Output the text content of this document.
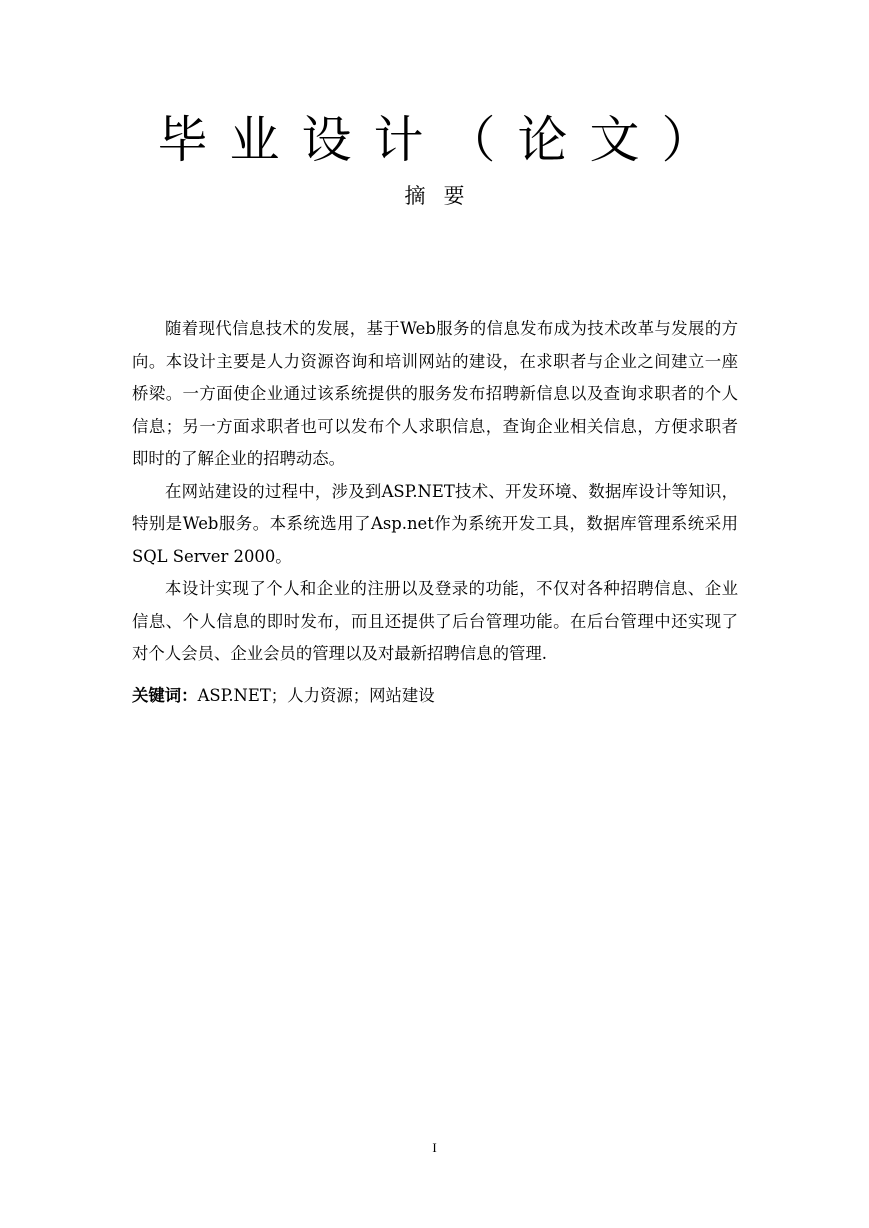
毕业设计（论文）
摘要

随着现代信息技术的发展，基于Web服务的信息发布成为技术改革与发展的方向。本设计主要是人力资源咨询和培训网站的建设，在求职者与企业之间建立一座桥梁。一方面使企业通过该系统提供的服务发布招聘新信息以及查询求职者的个人信息；另一方面求职者也可以发布个人求职信息，查询企业相关信息，方便求职者即时的了解企业的招聘动态。

在网站建设的过程中，涉及到ASP.NET技术、开发环境、数据库设计等知识，特别是Web服务。本系统选用了Asp.net作为系统开发工具，数据库管理系统采用SQL Server 2000。

本设计实现了个人和企业的注册以及登录的功能，不仅对各种招聘信息、企业信息、个人信息的即时发布，而且还提供了后台管理功能。在后台管理中还实现了对个人会员、企业会员的管理以及对最新招聘信息的管理.

关键词：ASP.NET；人力资源；网站建设
I
